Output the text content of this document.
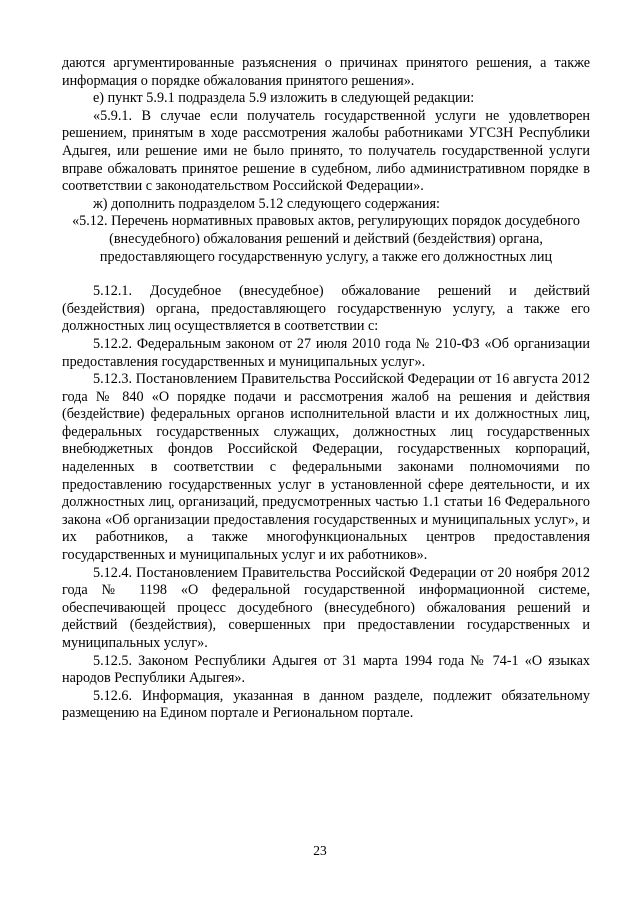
даются аргументированные разъяснения о причинах принятого решения, а также информация о порядке обжалования принятого решения».

е) пункт 5.9.1 подраздела 5.9 изложить в следующей редакции:

«5.9.1. В случае если получатель государственной услуги не удовлетворен решением, принятым в ходе рассмотрения жалобы работниками УГСЗН Республики Адыгея, или решение ими не было принято, то получатель государственной услуги вправе обжаловать принятое решение в судебном, либо административном порядке в соответствии с законодательством Российской Федерации».

ж) дополнить подразделом 5.12 следующего содержания:

«5.12. Перечень нормативных правовых актов, регулирующих порядок досудебного (внесудебного) обжалования решений и действий (бездействия) органа, предоставляющего государственную услугу, а также его должностных лиц

5.12.1. Досудебное (внесудебное) обжалование решений и действий (бездействия) органа, предоставляющего государственную услугу, а также его должностных лиц осуществляется в соответствии с:

5.12.2. Федеральным законом от 27 июля 2010 года № 210-ФЗ «Об организации предоставления государственных и муниципальных услуг».

5.12.3. Постановлением Правительства Российской Федерации от 16 августа 2012 года № 840 «О порядке подачи и рассмотрения жалоб на решения и действия (бездействие) федеральных органов исполнительной власти и их должностных лиц, федеральных государственных служащих, должностных лиц государственных внебюджетных фондов Российской Федерации, государственных корпораций, наделенных в соответствии с федеральными законами полномочиями по предоставлению государственных услуг в установленной сфере деятельности, и их должностных лиц, организаций, предусмотренных частью 1.1 статьи 16 Федерального закона «Об организации предоставления государственных и муниципальных услуг», и их работников, а также многофункциональных центров предоставления государственных и муниципальных услуг и их работников».

5.12.4. Постановлением Правительства Российской Федерации от 20 ноября 2012 года № 1198 «О федеральной государственной информационной системе, обеспечивающей процесс досудебного (внесудебного) обжалования решений и действий (бездействия), совершенных при предоставлении государственных и муниципальных услуг».

5.12.5. Законом Республики Адыгея от 31 марта 1994 года № 74-1 «О языках народов Республики Адыгея».

5.12.6. Информация, указанная в данном разделе, подлежит обязательному размещению на Едином портале и Региональном портале.

23
